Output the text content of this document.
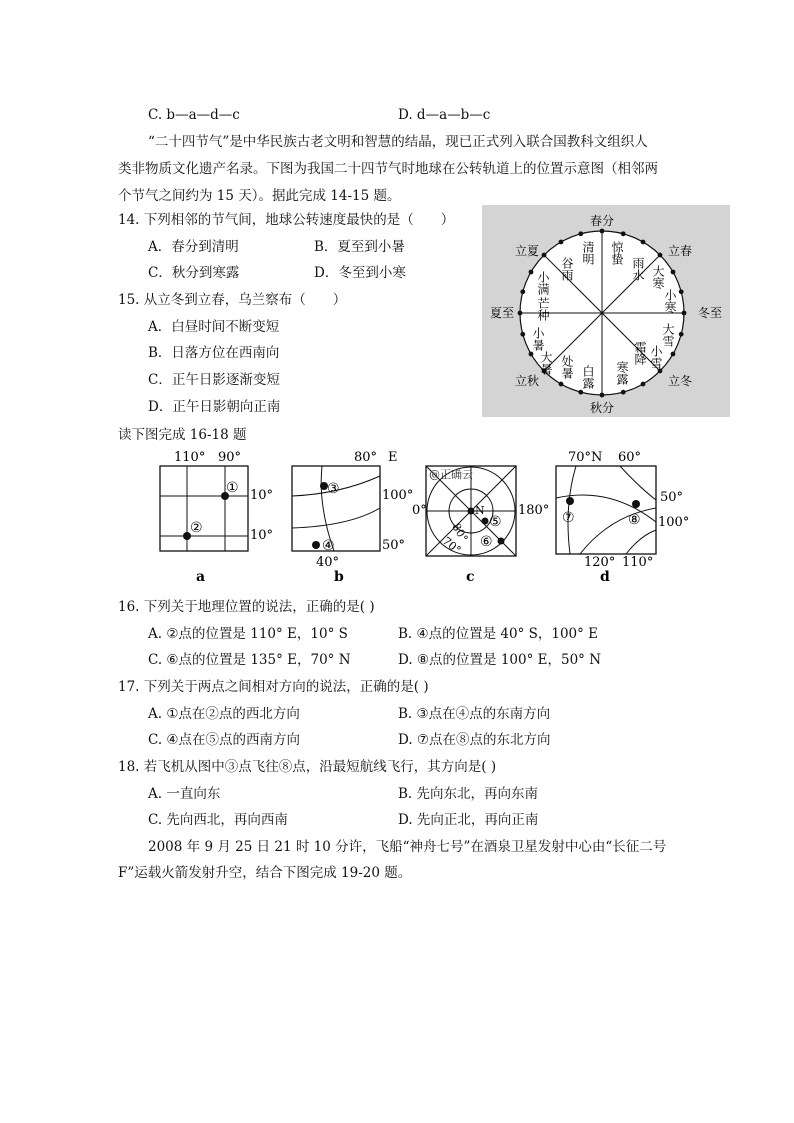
C. b—a—d—c	D. d—a—b—c
“二十四节气”是中华民族古老文明和智慧的结晶，现已正式列入联合国教科文组织人
类非物质文化遗产名录。下图为我国二十四节气时地球在公转轨道上的位置示意图（相邻两
个节气之间约为 15 天）。据此完成 14-15 题。
14. 下列相邻的节气间，地球公转速度最快的是（　　）
A．春分到清明	B．夏至到小暑
C．秋分到寒露	D．冬至到小寒
15. 从立冬到立春，乌兰察布（　　）
A．白昼时间不断变短
B．日落方位在西南向
C．正午日影逐渐变短
D．正午日影朝向正南
春分
秋分
夏至	冬至
立夏	立春
立秋	立冬
谷雨
清明 惊蛰
雨水
小满
芒种
小暑
大暑 处暑 白露 寒露
霜降
大寒
小寒
大雪
小雪
读下图完成 16-18 题
110° 90°
10°
10°
①
②
a
80° E
100°
50°
40°
③
④
b
@正确云
0°	180°
N
80°
70°
⑤
⑥
c
70°N 60°
50°
100°
120° 110°
⑦	⑧
d
16. 下列关于地理位置的说法，正确的是( )
A. ②点的位置是 110° E，10° S	B. ④点的位置是 40° S，100° E
C. ⑥点的位置是 135° E，70° N	D. ⑧点的位置是 100° E，50° N
17. 下列关于两点之间相对方向的说法，正确的是( )
A. ①点在②点的西北方向	B. ③点在④点的东南方向
C. ④点在⑤点的西南方向	D. ⑦点在⑧点的东北方向
18. 若飞机从图中③点飞往⑧点，沿最短航线飞行，其方向是( )
A. 一直向东	B. 先向东北，再向东南
C. 先向西北，再向西南	D. 先向正北，再向正南
2008 年 9 月 25 日 21 时 10 分许，飞船“神舟七号”在酒泉卫星发射中心由“长征二号
F”运载火箭发射升空，结合下图完成 19-20 题。
